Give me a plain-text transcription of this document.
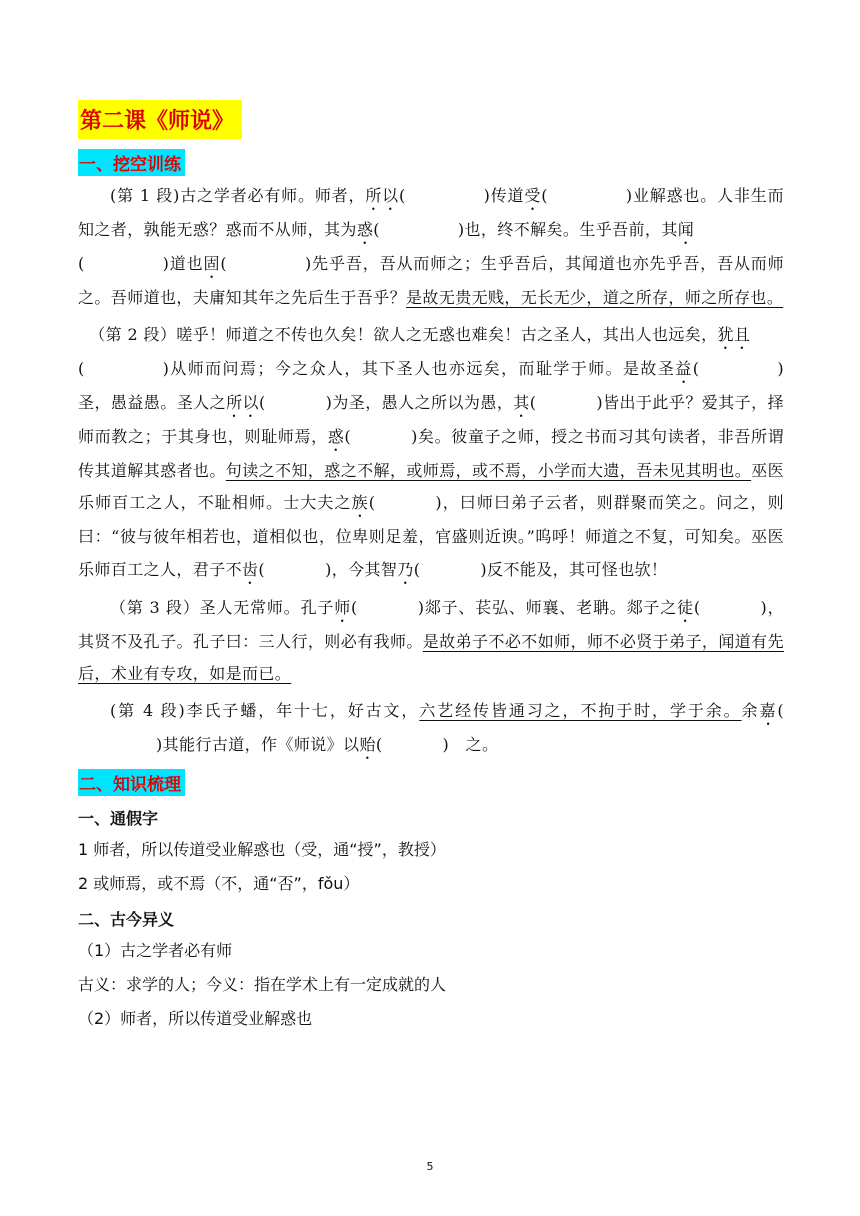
第二课《师说》
一、挖空训练

(第 1 段)古之学者必有师。师者，所以(	)传道受(	)业解惑也。人非生而知之者，孰能无惑？惑而不从师，其为惑(	)也，终不解矣。生乎吾前，其闻
(	)道也固(	)先乎吾，吾从而师之；生乎吾后，其闻道也亦先乎吾，吾从而师之。吾师道也，夫庸知其年之先后生于吾乎？是故无贵无贱，无长无少，道之所存，师之所存也。

（第 2 段）嗟乎！师道之不传也久矣！欲人之无惑也难矣！古之圣人，其出人也远矣，犹且
(	)从师而问焉；今之众人，其下圣人也亦远矣，而耻学于师。是故圣益(	)圣，愚益愚。圣人之所以(	)为圣，愚人之所以为愚，其(	)皆出于此乎？爱其子，择师而教之；于其身也，则耻师焉，惑(	)矣。彼童子之师，授之书而习其句读者，非吾所谓传其道解其惑者也。句读之不知，惑之不解，或师焉，或不焉，小学而大遗，吾未见其明也。巫医乐师百工之人，不耻相师。士大夫之族(	)，曰师曰弟子云者，则群聚而笑之。问之，则曰：“彼与彼年相若也，道相似也，位卑则足羞，官盛则近谀。”呜呼！师道之不复，可知矣。巫医乐师百工之人，君子不齿(	)，今其智乃(	)反不能及，其可怪也欤！

（第 3 段）圣人无常师。孔子师(	)郯子、苌弘、师襄、老聃。郯子之徒(	)，其贤不及孔子。孔子曰：三人行，则必有我师。是故弟子不必不如师，师不必贤于弟子，闻道有先后，术业有专攻，如是而已。

(第 4 段)李氏子蟠，年十七，好古文，六艺经传皆通习之，不拘于时，学于余。余嘉()其能行古道，作《师说》以贻(	)　之。

二、知识梳理
一、通假字
1 师者，所以传道受业解惑也（受，通“授”，教授）
2 或师焉，或不焉（不，通“否”，fǒu）
二、古今异义
（1）古之学者必有师
古义：求学的人；今义：指在学术上有一定成就的人
（2）师者，所以传道受业解惑也
5
